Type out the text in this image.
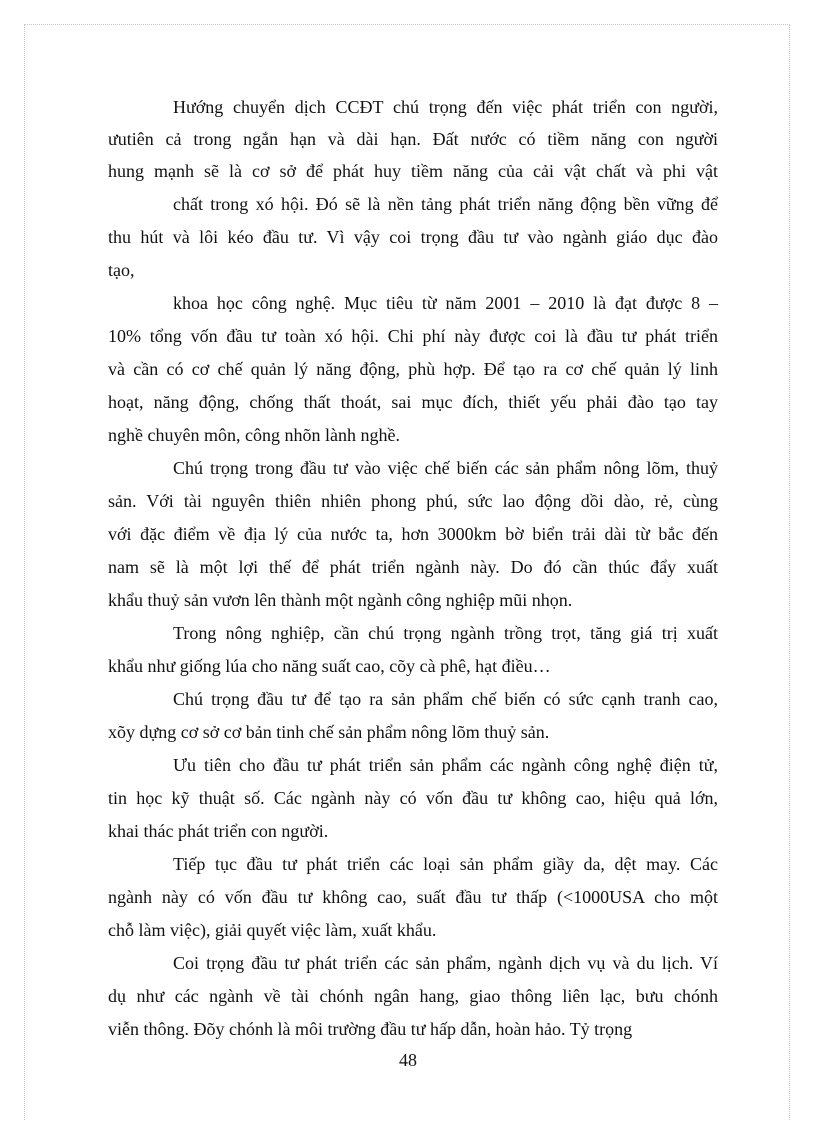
Hướng chuyển dịch CCĐT chú trọng đến việc phát triển con người,
ưutiên cả trong ngắn hạn và dài hạn. Đất nước có tiềm năng con người
hung mạnh sẽ là cơ sở để phát huy tiềm năng của cải vật chất và phi vật
chất trong xó hội. Đó sẽ là nền tảng phát triển năng động bền vững để
thu hút và lôi kéo đầu tư. Vì vậy coi trọng đầu tư vào ngành giáo dục đào
tạo,
khoa học công nghệ. Mục tiêu từ năm 2001 – 2010 là đạt được 8 –
10% tổng vốn đầu tư toàn xó hội. Chi phí này được coi là đầu tư phát triển
và cần có cơ chế quản lý năng động, phù hợp. Để tạo ra cơ chế quản lý linh
hoạt, năng động, chống thất thoát, sai mục đích, thiết yếu phải đào tạo tay
nghề chuyên môn, công nhõn lành nghề.
Chú trọng trong đầu tư vào việc chế biến các sản phẩm nông lõm, thuỷ
sản. Với tài nguyên thiên nhiên phong phú, sức lao động dồi dào, rẻ, cùng
với đặc điểm về địa lý của nước ta, hơn 3000km bờ biển trải dài từ bắc đến
nam sẽ là một lợi thế để phát triển ngành này. Do đó cần thúc đẩy xuất
khẩu thuỷ sản vươn lên thành một ngành công nghiệp mũi nhọn.
Trong nông nghiệp, cần chú trọng ngành trồng trọt, tăng giá trị xuất
khẩu như giống lúa cho năng suất cao, cõy cà phê, hạt điều…
Chú trọng đầu tư để tạo ra sản phẩm chế biến có sức cạnh tranh cao,
xõy dựng cơ sở cơ bản tinh chế sản phẩm nông lõm thuỷ sản.
Ưu tiên cho đầu tư phát triển sản phẩm các ngành công nghệ điện tử,
tin học kỹ thuật số. Các ngành này có vốn đầu tư không cao, hiệu quả lớn,
khai thác phát triển con người.
Tiếp tục đầu tư phát triển các loại sản phẩm giầy da, dệt may. Các
ngành này có vốn đầu tư không cao, suất đầu tư thấp (<1000USA cho một
chỗ làm việc), giải quyết việc làm, xuất khẩu.
Coi trọng đầu tư phát triển các sản phẩm, ngành dịch vụ và du lịch. Ví
dụ như các ngành về tài chónh ngân hang, giao thông liên lạc, bưu chónh
viễn thông. Đõy chónh là môi trường đầu tư hấp dẫn, hoàn hảo. Tỷ trọng
48
